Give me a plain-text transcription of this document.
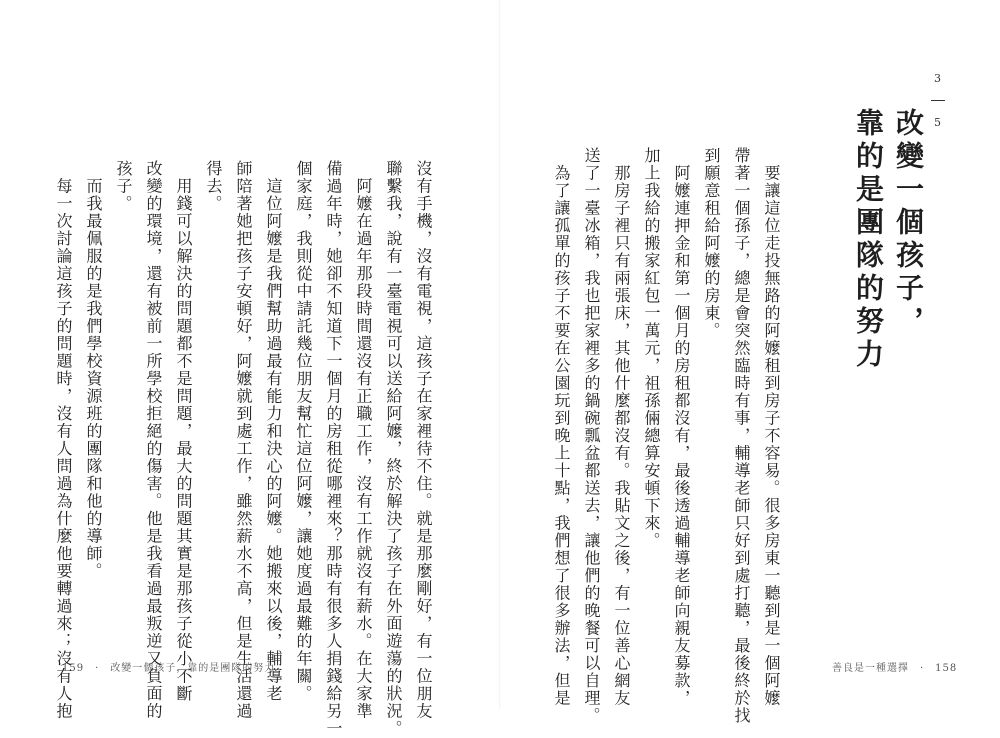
3
5
改變一個孩子，
靠的是團隊的努力
　要讓這位走投無路的阿嬤租到房子不容易。很多房東一聽到是一個阿嬤
帶著一個孫子，總是會突然臨時有事，輔導老師只好到處打聽，最後終於找
到願意租給阿嬤的房東。
　阿嬤連押金和第一個月的房租都沒有，最後透過輔導老師向親友募款，
加上我給的搬家紅包一萬元，祖孫倆總算安頓下來。
　那房子裡只有兩張床，其他什麼都沒有。我貼文之後，有一位善心網友
送了一臺冰箱，我也把家裡多的鍋碗瓢盆都送去，讓他們的晚餐可以自理。
　為了讓孤單的孩子不要在公園玩到晚上十點，我們想了很多辦法，但是
沒有手機，沒有電視，這孩子在家裡待不住。就是那麼剛好，有一位朋友
聯繫我，說有一臺電視可以送給阿嬤，終於解決了孩子在外面遊蕩的狀況。
　阿嬤在過年那段時間還沒有正職工作，沒有工作就沒有薪水。在大家準
備過年時，她卻不知道下一個月的房租從哪裡來？那時有很多人捐錢給另一
個家庭，我則從中請託幾位朋友幫忙這位阿嬤，讓她度過最難的年關。
　這位阿嬤是我們幫助過最有能力和決心的阿嬤。她搬來以後，輔導老
師陪著她把孩子安頓好，阿嬤就到處工作，雖然薪水不高，但是生活還過
得去。
　用錢可以解決的問題都不是問題，最大的問題其實是那孩子從小不斷
改變的環境，還有被前一所學校拒絕的傷害。他是我看過最叛逆又負面的
孩子。
　而我最佩服的是我們學校資源班的團隊和他的導師。
　每一次討論這孩子的問題時，沒有人問過為什麼他要轉過來；沒有人抱
159　·　改變一個孩子，靠的是團隊的努力	善良是一種選擇　·　158
